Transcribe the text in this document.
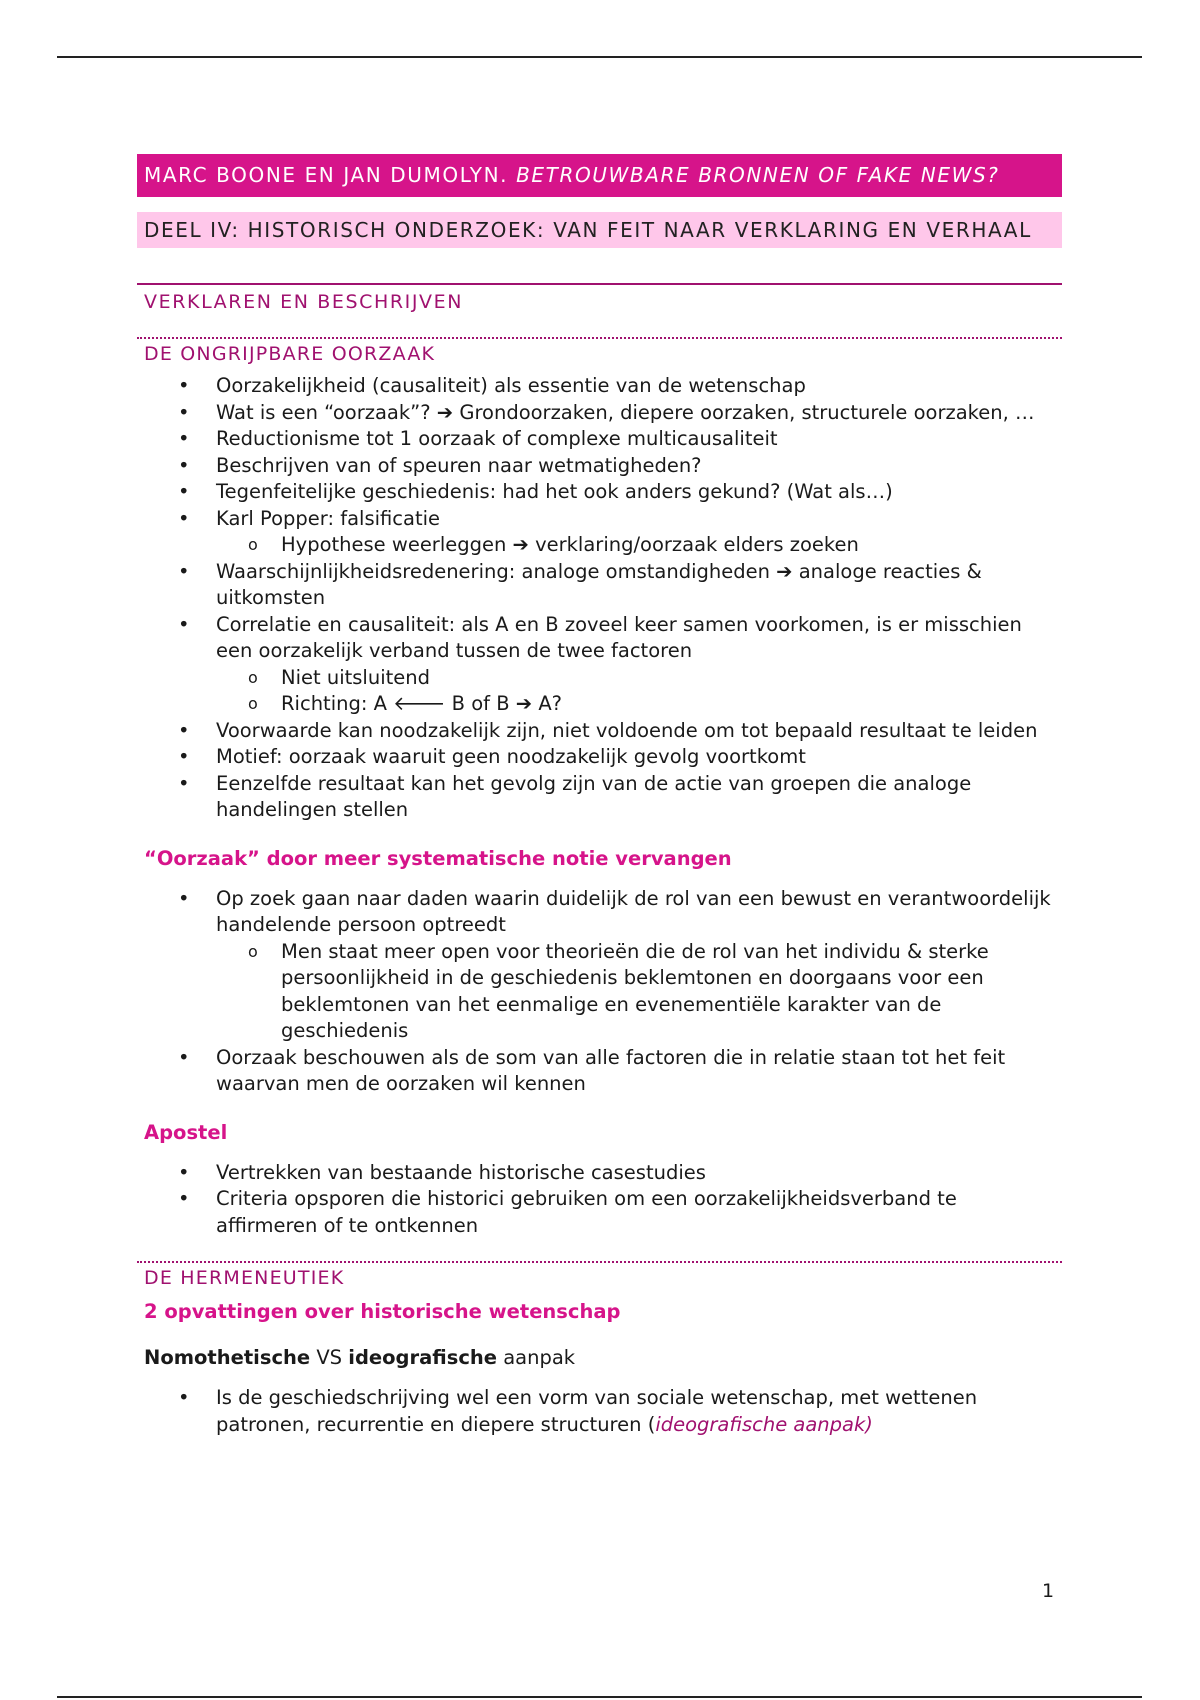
MARC BOONE EN JAN DUMOLYN. BETROUWBARE BRONNEN OF FAKE NEWS?
DEEL IV: HISTORISCH ONDERZOEK: VAN FEIT NAAR VERKLARING EN VERHAAL
VERKLAREN EN BESCHRIJVEN
DE ONGRIJPBARE OORZAAK
• Oorzakelijkheid (causaliteit) als essentie van de wetenschap
• Wat is een “oorzaak”? ➔ Grondoorzaken, diepere oorzaken, structurele oorzaken, …
• Reductionisme tot 1 oorzaak of complexe multicausaliteit
• Beschrijven van of speuren naar wetmatigheden?
• Tegenfeitelijke geschiedenis: had het ook anders gekund? (Wat als…)
• Karl Popper: falsificatie
o Hypothese weerleggen ➔ verklaring/oorzaak elders zoeken
• Waarschijnlijkheidsredenering: analoge omstandigheden ➔ analoge reacties & uitkomsten
• Correlatie en causaliteit: als A en B zoveel keer samen voorkomen, is er misschien een oorzakelijk verband tussen de twee factoren
o Niet uitsluitend
o Richting: A 🡐 B of B ➔ A?
• Voorwaarde kan noodzakelijk zijn, niet voldoende om tot bepaald resultaat te leiden
• Motief: oorzaak waaruit geen noodzakelijk gevolg voortkomt
• Eenzelfde resultaat kan het gevolg zijn van de actie van groepen die analoge handelingen stellen
“Oorzaak” door meer systematische notie vervangen
• Op zoek gaan naar daden waarin duidelijk de rol van een bewust en verantwoordelijk handelende persoon optreedt
o Men staat meer open voor theorieën die de rol van het individu & sterke persoonlijkheid in de geschiedenis beklemtonen en doorgaans voor een beklemtonen van het eenmalige en evenementiële karakter van de geschiedenis
• Oorzaak beschouwen als de som van alle factoren die in relatie staan tot het feit waarvan men de oorzaken wil kennen
Apostel
• Vertrekken van bestaande historische casestudies
• Criteria opsporen die historici gebruiken om een oorzakelijkheidsverband te affirmeren of te ontkennen
DE HERMENEUTIEK
2 opvattingen over historische wetenschap
Nomothetische VS ideografische aanpak
• Is de geschiedschrijving wel een vorm van sociale wetenschap, met wettenen patronen, recurrentie en diepere structuren (ideografische aanpak)
1
